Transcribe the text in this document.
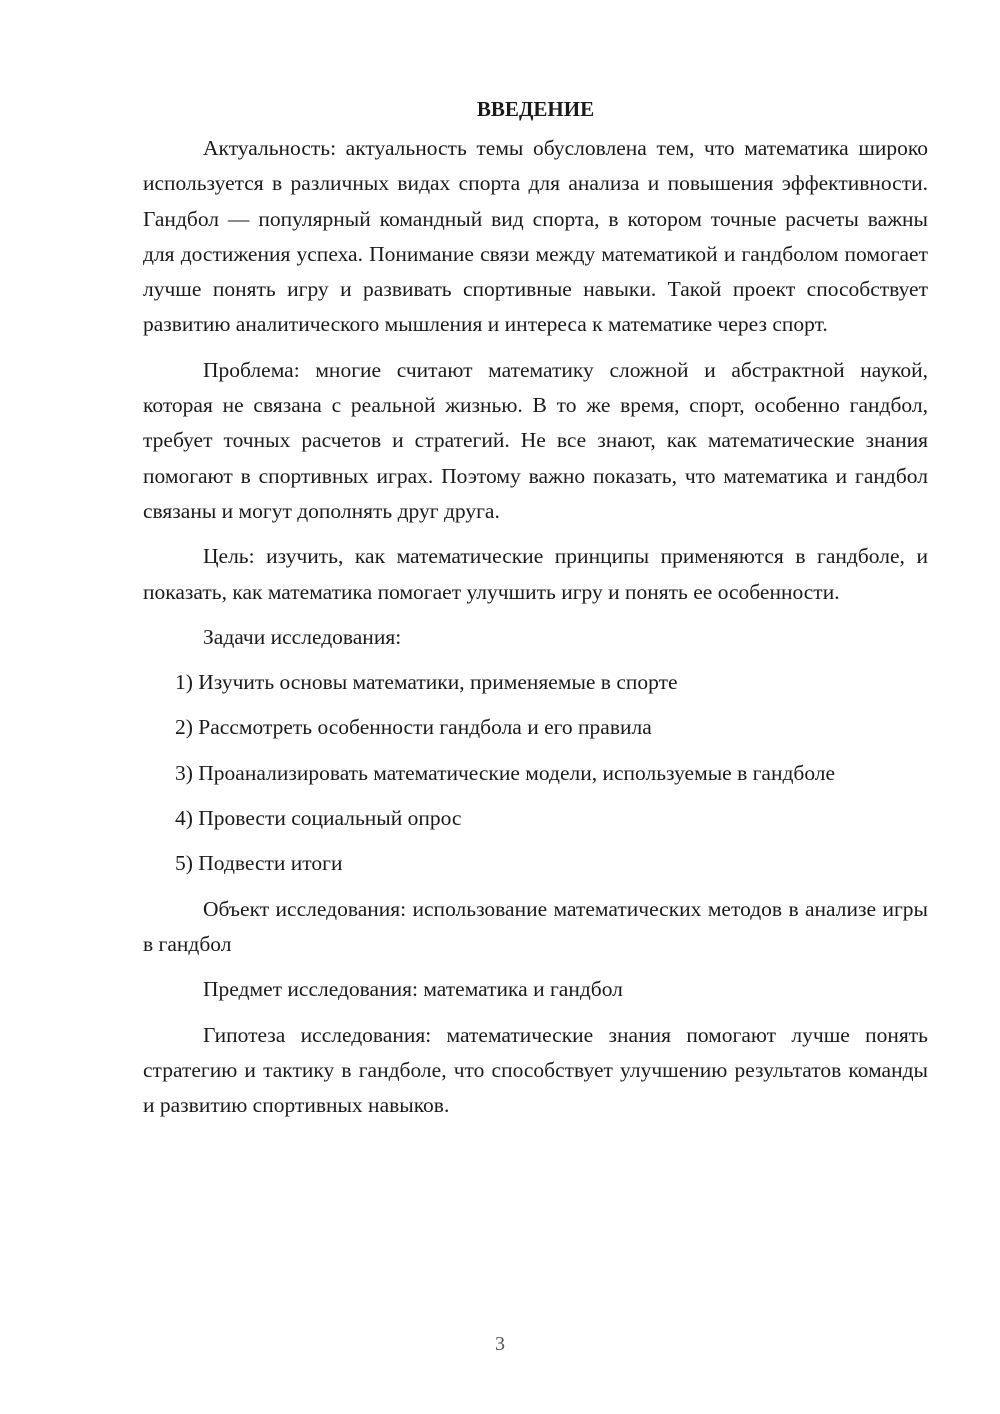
ВВЕДЕНИЕ

Актуальность: актуальность темы обусловлена тем, что математика широко используется в различных видах спорта для анализа и повышения эффективности. Гандбол — популярный командный вид спорта, в котором точные расчеты важны для достижения успеха. Понимание связи между математикой и гандболом помогает лучше понять игру и развивать спортивные навыки. Такой проект способствует развитию аналитического мышления и интереса к математике через спорт.

Проблема: многие считают математику сложной и абстрактной наукой, которая не связана с реальной жизнью. В то же время, спорт, особенно гандбол, требует точных расчетов и стратегий. Не все знают, как математические знания помогают в спортивных играх. Поэтому важно показать, что математика и гандбол связаны и могут дополнять друг друга.

Цель: изучить, как математические принципы применяются в гандболе, и показать, как математика помогает улучшить игру и понять ее особенности.

Задачи исследования:

1) Изучить основы математики, применяемые в спорте

2) Рассмотреть особенности гандбола и его правила

3) Проанализировать математические модели, используемые в гандболе

4) Провести социальный опрос

5) Подвести итоги

Объект исследования: использование математических методов в анализе игры в гандбол

Предмет исследования: математика и гандбол

Гипотеза исследования: математические знания помогают лучше понять стратегию и тактику в гандболе, что способствует улучшению результатов команды и развитию спортивных навыков.

3
